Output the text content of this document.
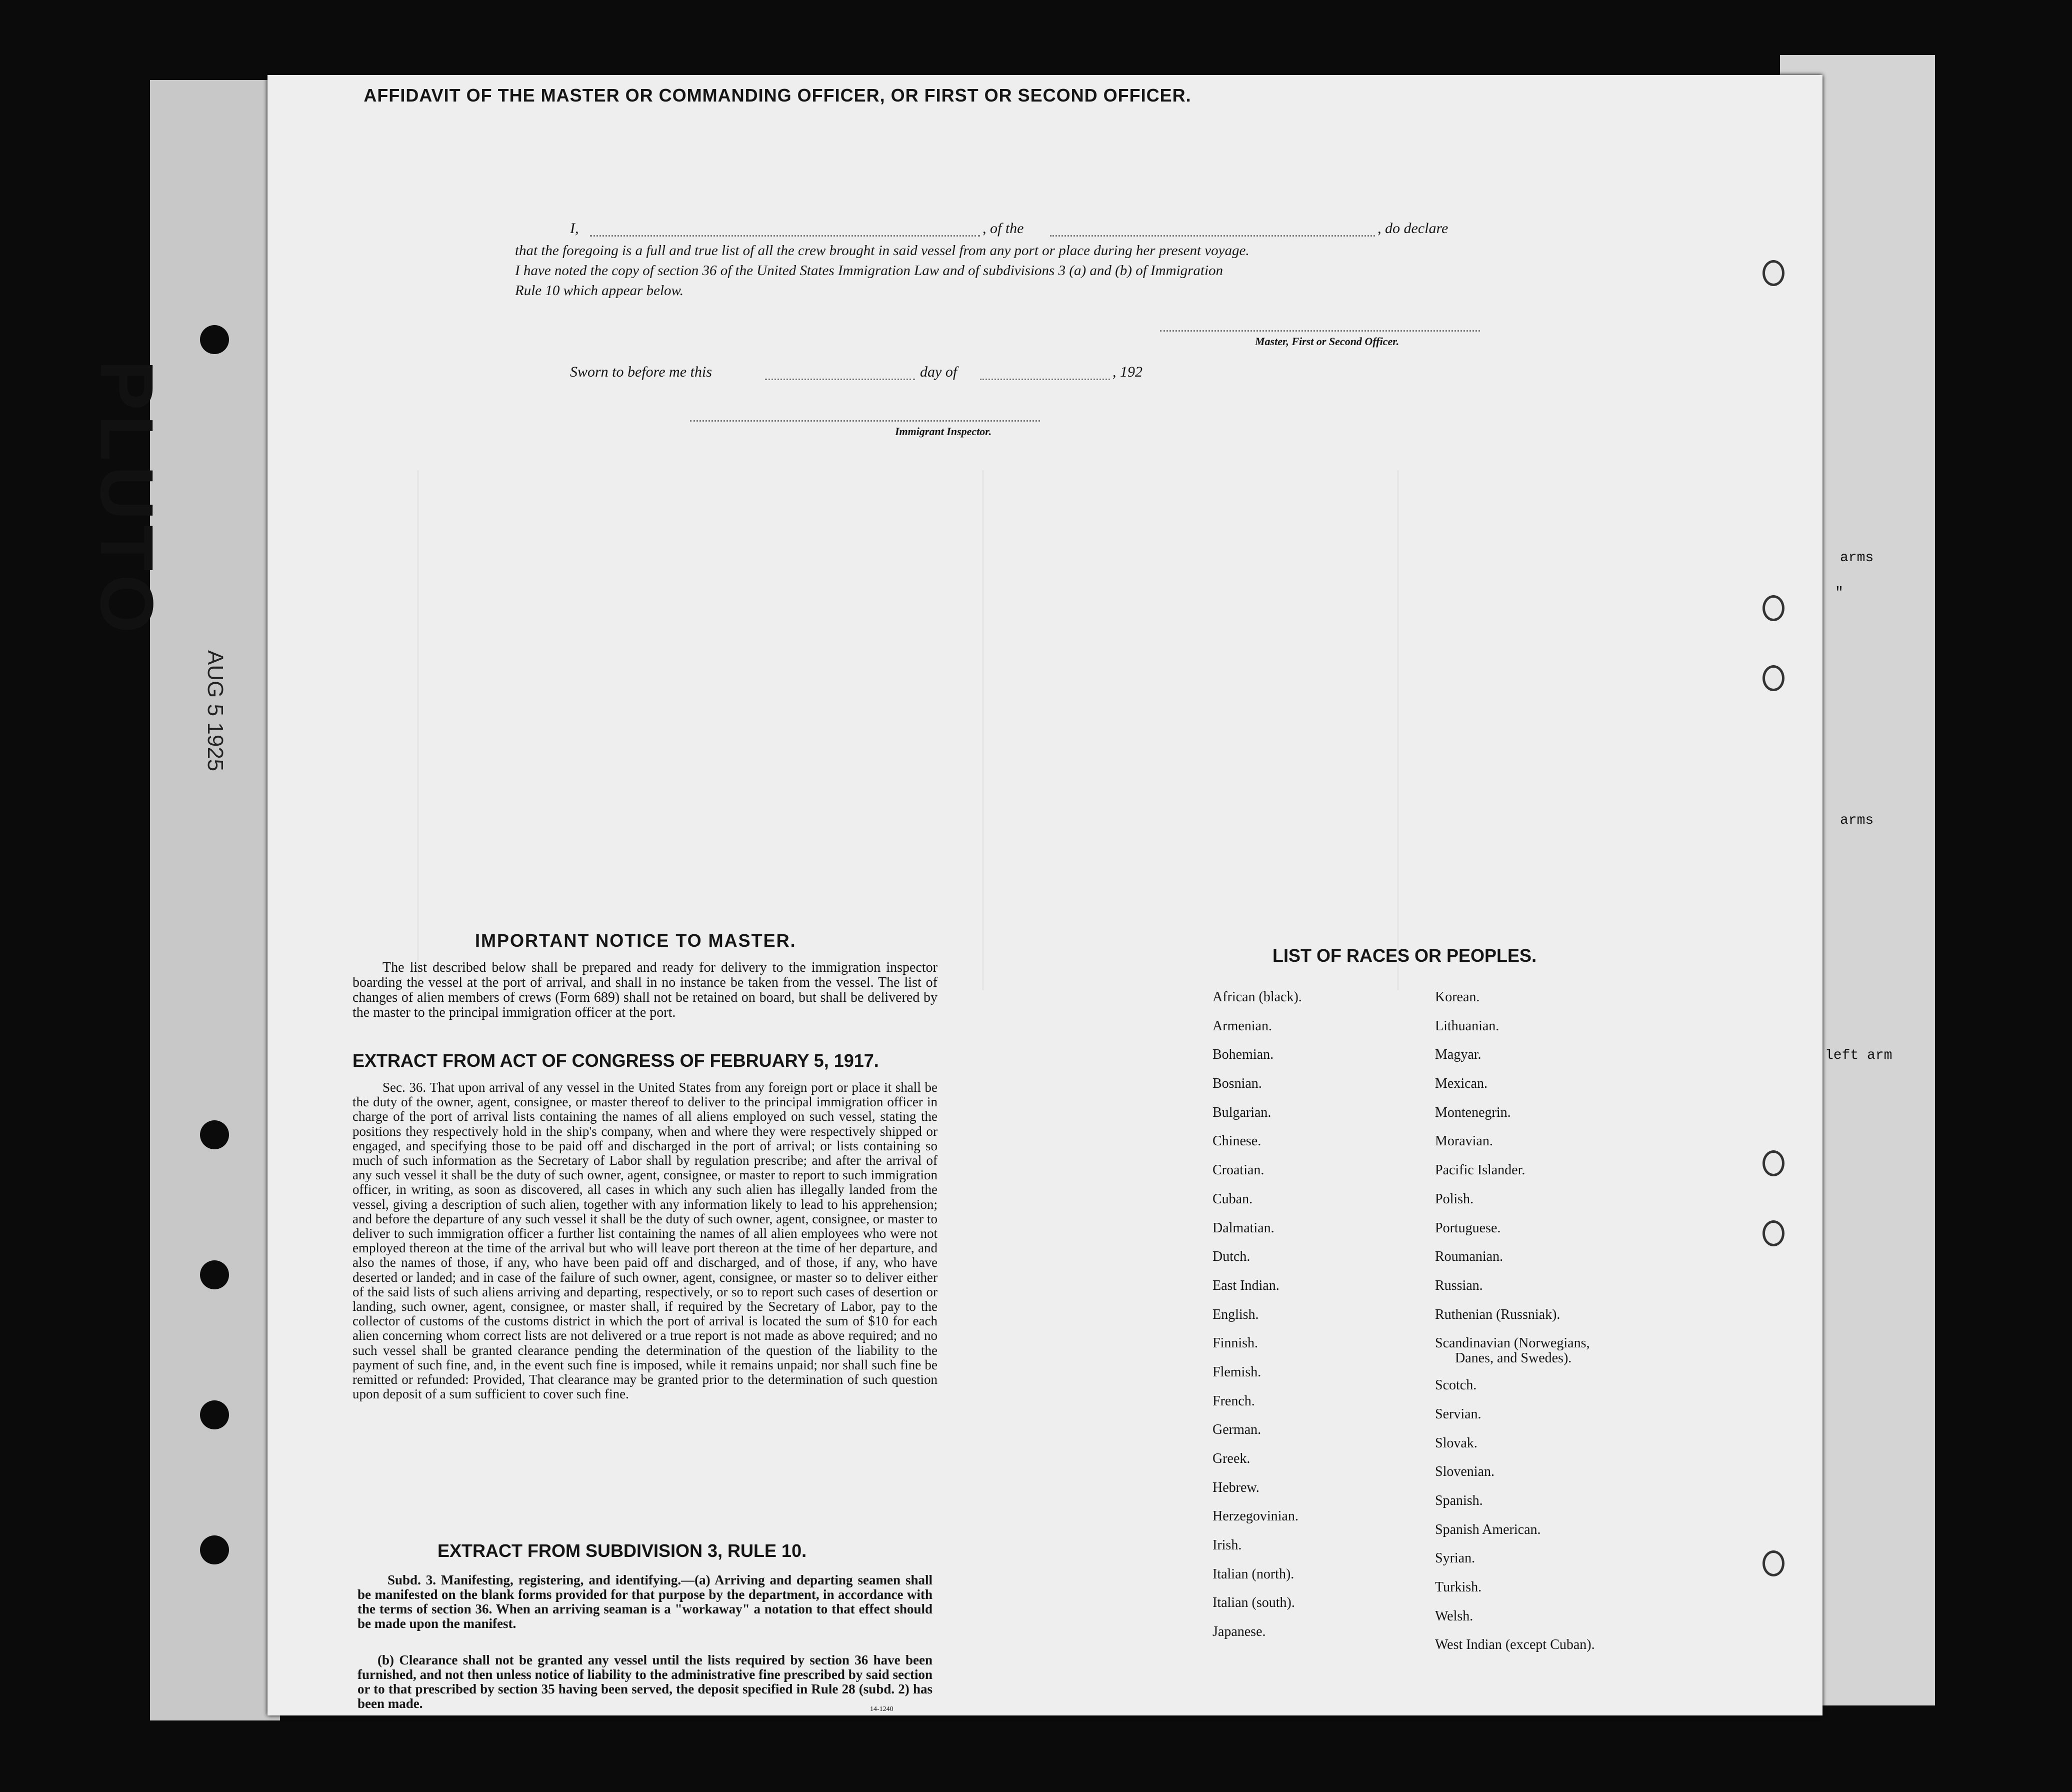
PLUTO
AUG 5 1925
arms
"
arms
left arm
AFFIDAVIT OF THE MASTER OR COMMANDING OFFICER, OR FIRST OR SECOND OFFICER.
I,	, of the	, do declare
that the foregoing is a full and true list of all the crew brought in said vessel from any port or place during her present voyage.
I have noted the copy of section 36 of the United States Immigration Law and of subdivisions 3 (a) and (b) of Immigration
Rule 10 which appear below.
Master, First or Second Officer.
Sworn to before me this	day of	, 192
Immigrant Inspector.
IMPORTANT NOTICE TO MASTER.
The list described below shall be prepared and ready for delivery to the immigration inspector boarding the vessel at the port of arrival, and shall in no instance be taken from the vessel. The list of changes of alien members of crews (Form 689) shall not be retained on board, but shall be delivered by the master to the principal immigration officer at the port.
EXTRACT FROM ACT OF CONGRESS OF FEBRUARY 5, 1917.
Sec. 36. That upon arrival of any vessel in the United States from any foreign port or place it shall be the duty of the owner, agent, consignee, or master thereof to deliver to the principal immigration officer in charge of the port of arrival lists containing the names of all aliens employed on such vessel, stating the positions they respectively hold in the ship's company, when and where they were respectively shipped or engaged, and specifying those to be paid off and discharged in the port of arrival; or lists containing so much of such information as the Secretary of Labor shall by regulation prescribe; and after the arrival of any such vessel it shall be the duty of such owner, agent, consignee, or master to report to such immigration officer, in writing, as soon as discovered, all cases in which any such alien has illegally landed from the vessel, giving a description of such alien, together with any information likely to lead to his apprehension; and before the departure of any such vessel it shall be the duty of such owner, agent, consignee, or master to deliver to such immigration officer a further list containing the names of all alien employees who were not employed thereon at the time of the arrival but who will leave port thereon at the time of her departure, and also the names of those, if any, who have been paid off and discharged, and of those, if any, who have deserted or landed; and in case of the failure of such owner, agent, consignee, or master so to deliver either of the said lists of such aliens arriving and departing, respectively, or so to report such cases of desertion or landing, such owner, agent, consignee, or master shall, if required by the Secretary of Labor, pay to the collector of customs of the customs district in which the port of arrival is located the sum of $10 for each alien concerning whom correct lists are not delivered or a true report is not made as above required; and no such vessel shall be granted clearance pending the determination of the question of the liability to the payment of such fine, and, in the event such fine is imposed, while it remains unpaid; nor shall such fine be remitted or refunded: Provided, That clearance may be granted prior to the determination of such question upon deposit of a sum sufficient to cover such fine.
EXTRACT FROM SUBDIVISION 3, RULE 10.
Subd. 3. Manifesting, registering, and identifying.—(a) Arriving and departing seamen shall be manifested on the blank forms provided for that purpose by the department, in accordance with the terms of section 36. When an arriving seaman is a "workaway" a notation to that effect should be made upon the manifest.
(b) Clearance shall not be granted any vessel until the lists required by section 36 have been furnished, and not then unless notice of liability to the administrative fine prescribed by said section or to that prescribed by section 35 having been served, the deposit specified in Rule 28 (subd. 2) has been made.	14-1240
LIST OF RACES OR PEOPLES.
African (black).
Armenian.
Bohemian.
Bosnian.
Bulgarian.
Chinese.
Croatian.
Cuban.
Dalmatian.
Dutch.
East Indian.
English.
Finnish.
Flemish.
French.
German.
Greek.
Hebrew.
Herzegovinian.
Irish.
Italian (north).
Italian (south).
Japanese.
Korean.
Lithuanian.
Magyar.
Mexican.
Montenegrin.
Moravian.
Pacific Islander.
Polish.
Portuguese.
Roumanian.
Russian.
Ruthenian (Russniak).
Scandinavian (Norwegians,
Danes, and Swedes).
Scotch.
Servian.
Slovak.
Slovenian.
Spanish.
Spanish American.
Syrian.
Turkish.
Welsh.
West Indian (except Cuban).
